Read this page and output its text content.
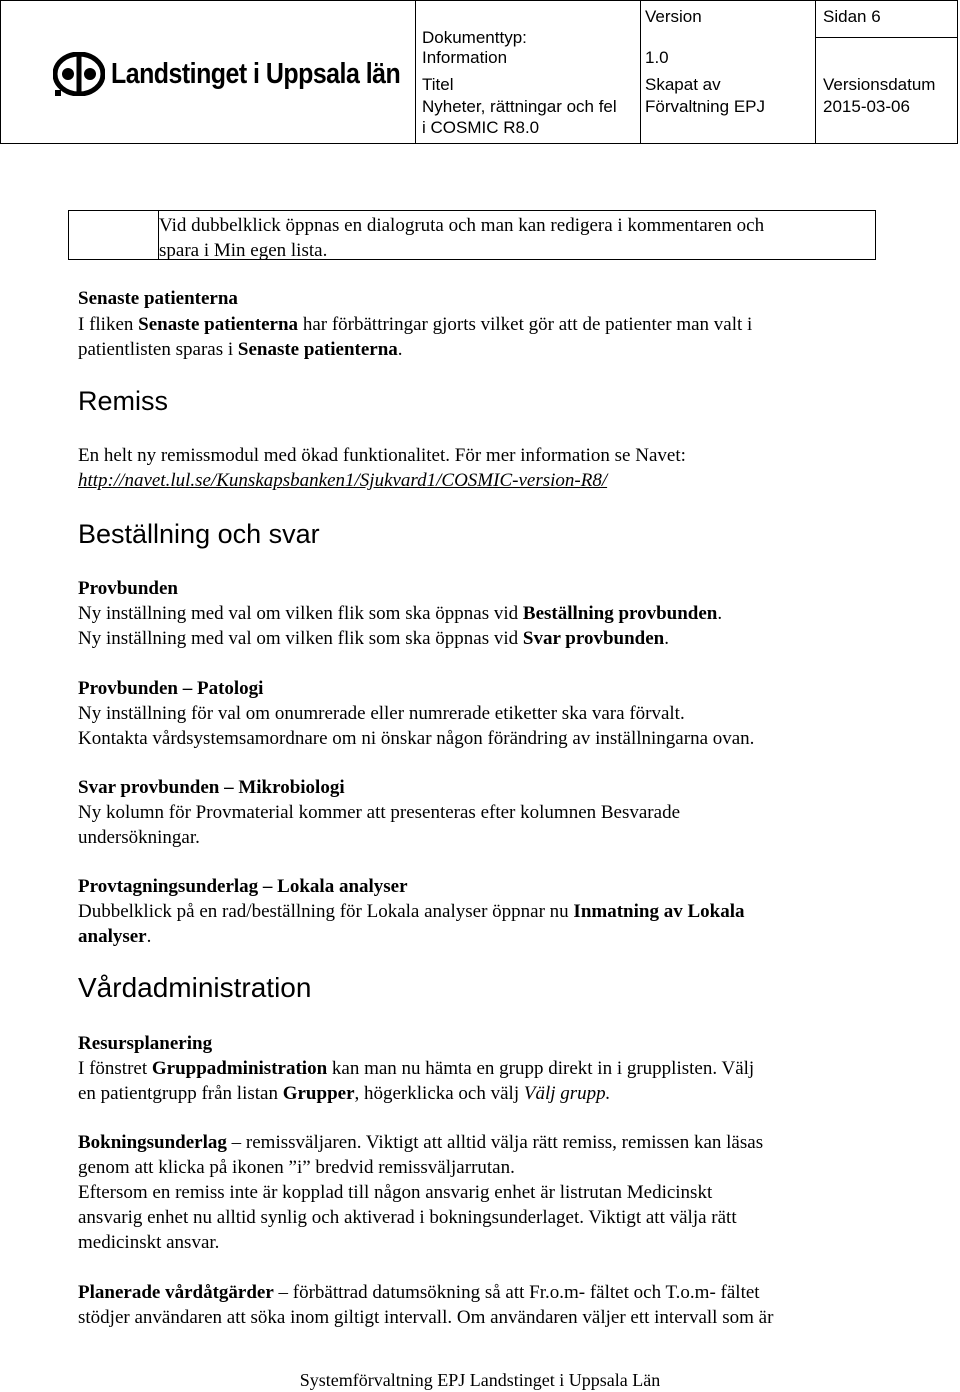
Landstinget i Uppsala län
Dokumenttyp:
Information
Titel
Nyheter, rättningar och fel
i COSMIC R8.0
Version
1.0
Skapat av
Förvaltning EPJ
Sidan 6
Versionsdatum
2015-03-06
Vid dubbelklick öppnas en dialogruta och man kan redigera i kommentaren och
spara i Min egen lista.
Senaste patienterna
I fliken Senaste patienterna har förbättringar gjorts vilket gör att de patienter man valt i
patientlisten sparas i Senaste patienterna.
Remiss
En helt ny remissmodul med ökad funktionalitet. För mer information se Navet:
http://navet.lul.se/Kunskapsbanken1/Sjukvard1/COSMIC-version-R8/
Beställning och svar
Provbunden
Ny inställning med val om vilken flik som ska öppnas vid Beställning provbunden.
Ny inställning med val om vilken flik som ska öppnas vid Svar provbunden.
Provbunden – Patologi
Ny inställning för val om onumrerade eller numrerade etiketter ska vara förvalt.
Kontakta vårdsystemsamordnare om ni önskar någon förändring av inställningarna ovan.
Svar provbunden – Mikrobiologi
Ny kolumn för Provmaterial kommer att presenteras efter kolumnen Besvarade
undersökningar.
Provtagningsunderlag – Lokala analyser
Dubbelklick på en rad/beställning för Lokala analyser öppnar nu Inmatning av Lokala
analyser.
Vårdadministration
Resursplanering
I fönstret Gruppadministration kan man nu hämta en grupp direkt in i grupplisten. Välj
en patientgrupp från listan Grupper, högerklicka och välj Välj grupp.
Bokningsunderlag – remissväljaren. Viktigt att alltid välja rätt remiss, remissen kan läsas
genom att klicka på ikonen ”i” bredvid remissväljarrutan.
Eftersom en remiss inte är kopplad till någon ansvarig enhet är listrutan Medicinskt
ansvarig enhet nu alltid synlig och aktiverad i bokningsunderlaget. Viktigt att välja rätt
medicinskt ansvar.
Planerade vårdåtgärder – förbättrad datumsökning så att Fr.o.m- fältet och T.o.m- fältet
stödjer användaren att söka inom giltigt intervall. Om användaren väljer ett intervall som är
Systemförvaltning EPJ Landstinget i Uppsala Län
